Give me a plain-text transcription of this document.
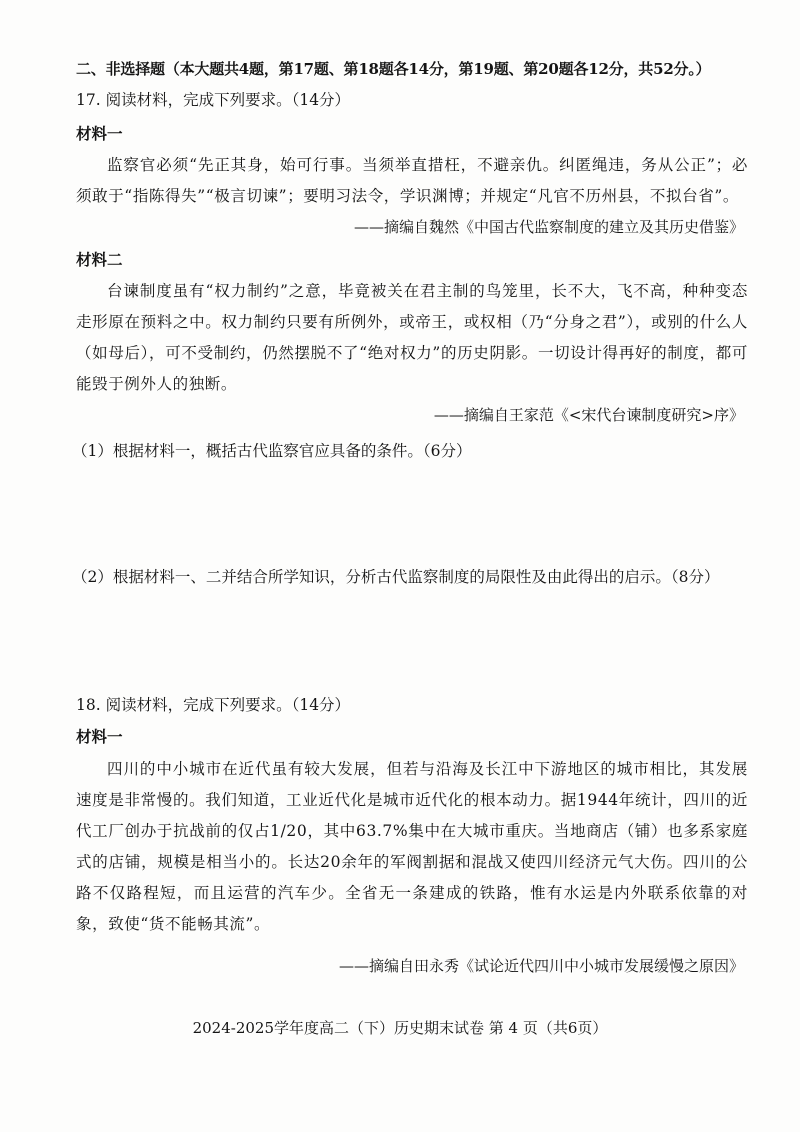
二、非选择题（本大题共4题，第17题、第18题各14分，第19题、第20题各12分，共52分。）
17. 阅读材料，完成下列要求。（14分）
材料一
监察官必须“先正其身，始可行事。当须举直措枉，不避亲仇。纠匿绳违，务从公正”；必须敢于“指陈得失”“极言切谏”；要明习法令，学识渊博；并规定“凡官不历州县，不拟台省”。
——摘编自魏然《中国古代监察制度的建立及其历史借鉴》
材料二
台谏制度虽有“权力制约”之意，毕竟被关在君主制的鸟笼里，长不大，飞不高，种种变态走形原在预料之中。权力制约只要有所例外，或帝王，或权相（乃“分身之君”），或别的什么人（如母后），可不受制约，仍然摆脱不了“绝对权力”的历史阴影。一切设计得再好的制度，都可能毁于例外人的独断。
——摘编自王家范《<宋代台谏制度研究>序》
（1）根据材料一，概括古代监察官应具备的条件。（6分）
（2）根据材料一、二并结合所学知识，分析古代监察制度的局限性及由此得出的启示。（8分）
18. 阅读材料，完成下列要求。（14分）
材料一
四川的中小城市在近代虽有较大发展，但若与沿海及长江中下游地区的城市相比，其发展速度是非常慢的。我们知道，工业近代化是城市近代化的根本动力。据1944年统计，四川的近代工厂创办于抗战前的仅占1/20，其中63.7%集中在大城市重庆。当地商店（铺）也多系家庭式的店铺，规模是相当小的。长达20余年的军阀割据和混战又使四川经济元气大伤。四川的公路不仅路程短，而且运营的汽车少。全省无一条建成的铁路，惟有水运是内外联系依靠的对象，致使“货不能畅其流”。
——摘编自田永秀《试论近代四川中小城市发展缓慢之原因》
2024-2025学年度高二（下）历史期末试卷 第 4 页（共6页）
